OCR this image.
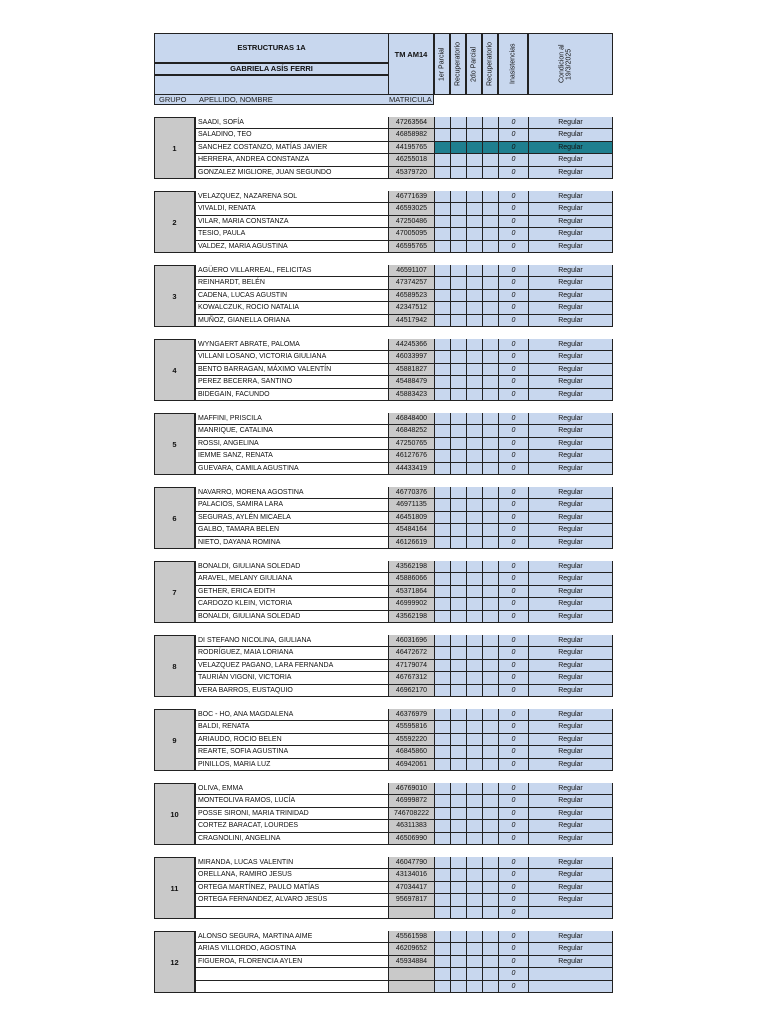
ESTRUCTURAS 1A
GABRIELA ASÍS FERRI
TM AM14	1er Parcial	Recuperatorio	2do Parcial	Recuperatorio	Inasistencias	Condicion al 19/3/2025
GRUPO APELLIDO, NOMBRE	MATRICULA
1
SAADI, SOFÍA	47263564	0	Regular
SALADINO, TEO	46858982	0	Regular
SANCHEZ COSTANZO, MATÍAS JAVIER	44195765	0	Regular
HERRERA, ANDREA CONSTANZA	46255018	0	Regular
GONZALEZ MIGLIORE, JUAN SEGUNDO	45379720	0	Regular
2
VELAZQUEZ, NAZARENA SOL	46771639	0	Regular
VIVALDI, RENATA	46593025	0	Regular
VILAR, MARIA CONSTANZA	47250486	0	Regular
TESIO, PAULA	47005095	0	Regular
VALDEZ, MARIA AGUSTINA	46595765	0	Regular
3
AGÜERO VILLARREAL, FELICITAS	46591107	0	Regular
REINHARDT, BELÉN	47374257	0	Regular
CADENA, LUCAS AGUSTIN	46589523	0	Regular
KOWALCZUK, ROCIO NATALIA	42347512	0	Regular
MUÑOZ, GIANELLA ORIANA	44517942	0	Regular
4
WYNGAERT ABRATE, PALOMA	44245366	0	Regular
VILLANI LOSANO, VICTORIA GIULIANA	46033997	0	Regular
BENTO BARRAGAN, MÁXIMO VALENTÍN	45881827	0	Regular
PEREZ BECERRA, SANTINO	45488479	0	Regular
BIDEGAIN, FACUNDO	45883423	0	Regular
5
MAFFINI, PRISCILA	46848400	0	Regular
MANRIQUE, CATALINA	46848252	0	Regular
ROSSI, ANGELINA	47250765	0	Regular
IEMME SANZ, RENATA	46127676	0	Regular
GUEVARA, CAMILA AGUSTINA	44433419	0	Regular
6
NAVARRO, MORENA AGOSTINA	46770376	0	Regular
PALACIOS, SAMIRA LARA	46971135	0	Regular
SEGURAS, AYLÉN MICAELA	46451809	0	Regular
GALBO, TAMARA BELEN	45484164	0	Regular
NIETO, DAYANA ROMINA	46126619	0	Regular
7
BONALDI, GIULIANA SOLEDAD	43562198	0	Regular
ARAVEL, MELANY GIULIANA	45886066	0	Regular
GETHER, ERICA EDITH	45371864	0	Regular
CARDOZO KLEIN, VICTORIA	46999902	0	Regular
BONALDI, GIULIANA SOLEDAD	43562198	0	Regular
8
DI STEFANO NICOLINA, GIULIANA	46031696	0	Regular
RODRÍGUEZ, MAIA LORIANA	46472672	0	Regular
VELAZQUEZ PAGANO, LARA FERNANDA	47179074	0	Regular
TAURIÁN VIGONI, VICTORIA	46767312	0	Regular
VERA BARROS, EUSTAQUIO	46962170	0	Regular
9
BOC - HO, ANA MAGDALENA	46376979	0	Regular
BALDI, RENATA	45595816	0	Regular
ARIAUDO, ROCIO BELEN	45592220	0	Regular
REARTE, SOFIA AGUSTINA	46845860	0	Regular
PINILLOS, MARIA LUZ	46942061	0	Regular
10
OLIVA, EMMA	46769010	0	Regular
MONTEOLIVA RAMOS, LUCÍA	46999872	0	Regular
POSSE SIRONI, MARIA TRINIDAD	746708222	0	Regular
CORTEZ BARACAT, LOURDES	46311383	0	Regular
CRAGNOLINI, ANGELINA	46506990	0	Regular
11
MIRANDA, LUCAS VALENTIN	46047790	0	Regular
ORELLANA, RAMIRO JESUS	43134016	0	Regular
ORTEGA MARTÍNEZ, PAULO MATÍAS	47034417	0	Regular
ORTEGA FERNANDEZ, ALVARO JESÚS	95697817	0	Regular
0
12
ALONSO SEGURA, MARTINA AIME	45561598	0	Regular
ARIAS VILLORDO, AGOSTINA	46209652	0	Regular
FIGUEROA, FLORENCIA AYLEN	45934884	0	Regular
0
0
